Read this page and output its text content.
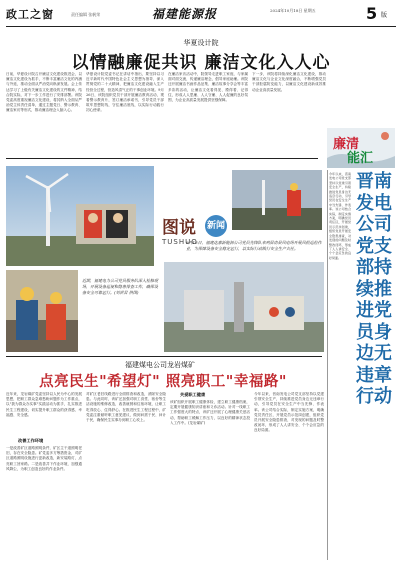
政工之窗	责任编辑 张帆荣	福建能源报	2024年10月18日 星期五	5 版
华夏设计院
以情融廉促共识 廉洁文化入人心
日前，华夏设计院召开廉洁文化建设推进会，以廉洁文化建设为抓手，不断丰富廉洁文化的内涵与外延，推动全面从严治党向纵深发展。会上传达学习了上级有关廉洁文化建设的文件精神，结合院实际，对下一步工作进行了安排部署。该院党委高度重视廉洁文化建设，将其纳入全面从严治党主体责任清单，通过主题党日、警示教育、廉洁家访等形式，推动廉洁理念入脑入心。
华夏设计院党委书记在讲话中指出，要坚持以习近平新时代中国特色社会主义思想为指导，深入贯彻党的二十大精神，把廉洁文化建设融入生产经营全过程，营造风清气正的干事创业环境。9月26日，该院组织党员干部开展廉洁教育活动，观看警示教育片，签订廉洁承诺书，引导党员干部筑牢思想防线，守住廉洁底线，以实际行动践行初心使命。
在廉洁家访活动中，院领导走进职工家庭，与家属面对面交流，传递廉洁理念，倡导家庭助廉。该院还开展廉洁书画作品征集、廉洁故事分享会等丰富多彩的活动，让廉洁文化看得见、摸得着、记得住，形成人人思廉、人人守廉、人人促廉的良好氛围，为企业高质量发展提供坚强保障。
下一步，该院将持续深化廉洁文化建设，推动廉洁文化与企业文化深度融合，不断增强党员干部拒腐防变能力，以廉洁文化建设新成效推动企业高质量发展。
廉清
能汇
图说 新闻
TUSHUO
9月13日，福建达嘉新能源公司党员先锋队来到屏南县风电场开展风机巡检作业，为保障设备安全稳定运行，以实际行动践行安全生产责任。
近期，福建电力公司党员服务队深入检修现场，开展设备巡视和隐患排查工作，确保设备安全可靠运行。(刘洪君 供图)
晋南发电公司党支部持续推进党员身边无违章行动
今年以来，晋南发电公司党支部坚持以党建引领安全生产，持续推进党员身边无违章行动，引导党员在安全生产中当先锋、作表率。该公司结合实际，制定实施方案，明确党员责任区，开展党员示范岗创建，组织党员开展安全隐患排查，对发现的问题及时整改闭环，形成了人人讲安全、个个会应急的良好局面。
福建煤电公司龙岩煤矿
点亮民生"希望灯" 照亮职工"幸福路"
近年来，龙岩煤矿党委坚持以人民为中心的发展思想，把职工群众急难愁盼问题作为工作重点，以"我为群众办实事"实践活动为抓手，扎实推进民生工程建设，切实提升职工群众的获得感、幸福感、安全感。
改善工作环境
一是改善矿区道路照明条件，矿区主干道照明老旧，存在安全隐患。矿党委多方筹措资金，对矿区道路照明设施进行更新改造，新安装路灯，点亮职工回家路。二是改善井下作业环境，加强通风降尘，为职工创造良好的作业条件。
对矿区老旧线路进行全面排查和改造，消除安全隐患。与此同时，该矿还加强对职工食堂、宿舍等生活设施的维修改造，改善就餐和住宿环境，让职工吃得放心、住得舒心。在推进民生工程过程中，矿党委注重倾听职工意见建议，做到问需于民、问计于民，确保民生实事办到职工心坎上。
关爱职工健康
该矿组织开展职工健康体检，建立职工健康档案，定期开展健康知识讲座和义诊活动。针对一线职工工作强度大的特点，该矿还开展了心理健康关爱活动，帮助职工缓解工作压力，以良好的精神状态投入工作中。(龙岩煤矿)
今年以来，晋南发电公司党支部坚持以党建引领安全生产，持续推进党员身边无违章行动，引导党员在安全生产中当先锋、作表率。该公司结合实际，制定实施方案，明确党员责任区，开展党员示范岗创建，组织党员开展安全隐患排查，对发现的问题及时整改闭环，形成了人人讲安全、个个会应急的良好局面。
